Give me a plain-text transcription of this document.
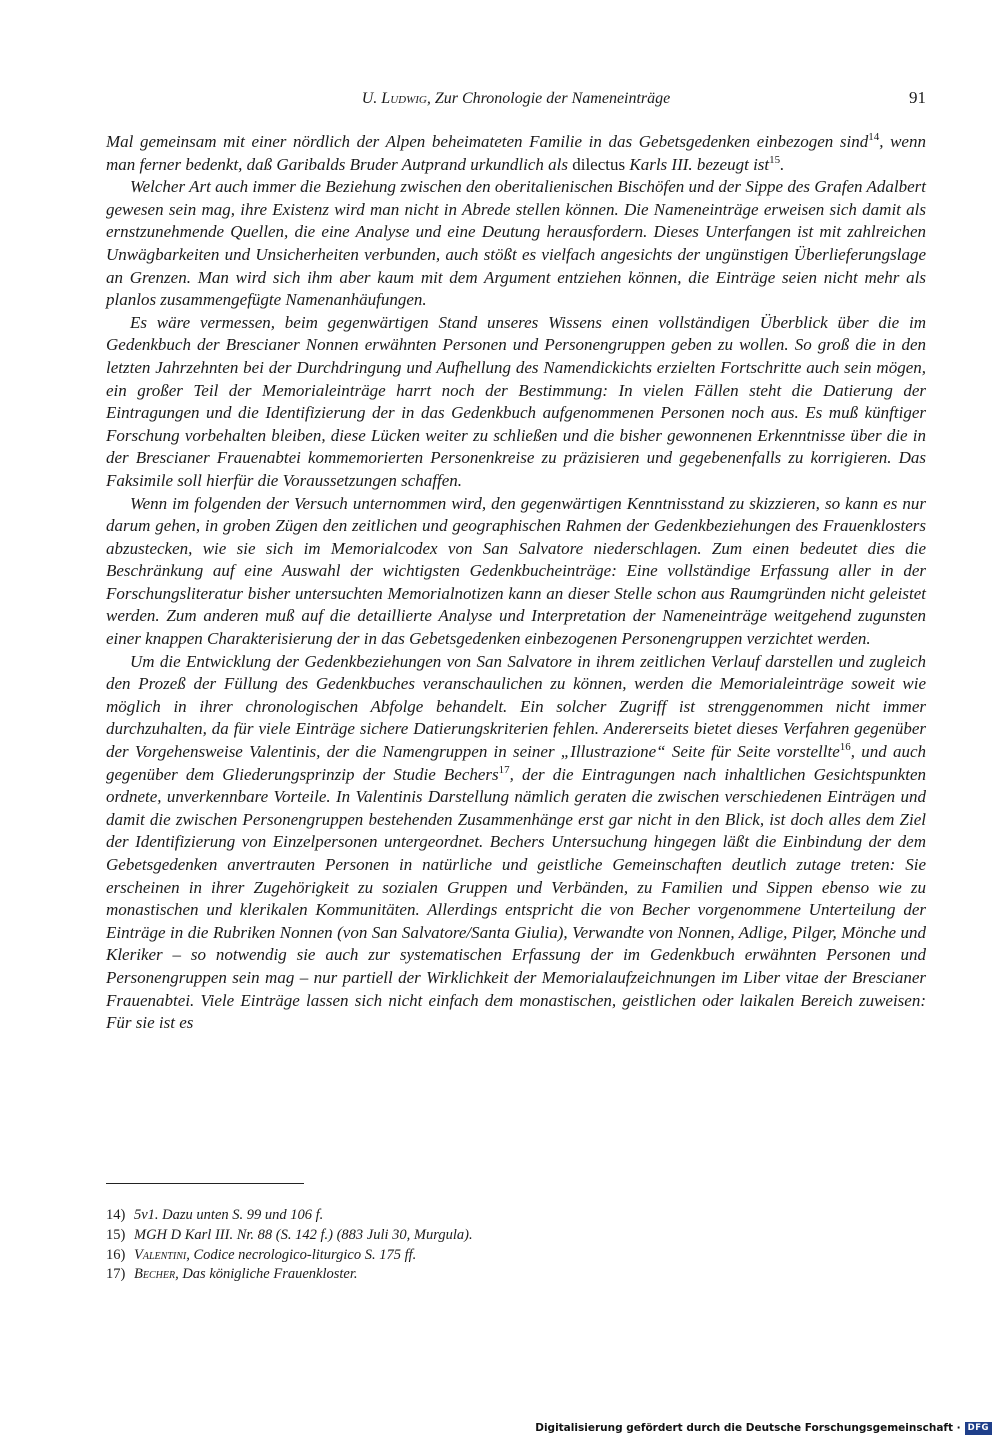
U. Ludwig, Zur Chronologie der Nameneinträge	91

Mal gemeinsam mit einer nördlich der Alpen beheimateten Familie in das Gebetsgedenken einbezogen sind$^{14}$, wenn man ferner bedenkt, daß Garibalds Bruder Autprand urkundlich als dilectus Karls III. bezeugt ist$^{15}$.

Welcher Art auch immer die Beziehung zwischen den oberitalienischen Bischöfen und der Sippe des Grafen Adalbert gewesen sein mag, ihre Existenz wird man nicht in Abrede stellen können. Die Nameneinträge erweisen sich damit als ernstzunehmende Quellen, die eine Analyse und eine Deutung herausfordern. Dieses Unterfangen ist mit zahlreichen Unwägbarkeiten und Unsicherheiten verbunden, auch stößt es vielfach angesichts der ungünstigen Überlieferungslage an Grenzen. Man wird sich ihm aber kaum mit dem Argument entziehen können, die Einträge seien nicht mehr als planlos zusammengefügte Namenanhäufungen.

Es wäre vermessen, beim gegenwärtigen Stand unseres Wissens einen vollständigen Überblick über die im Gedenkbuch der Brescianer Nonnen erwähnten Personen und Personengruppen geben zu wollen. So groß die in den letzten Jahrzehnten bei der Durchdringung und Aufhellung des Namendickichts erzielten Fortschritte auch sein mögen, ein großer Teil der Memorialeinträge harrt noch der Bestimmung: In vielen Fällen steht die Datierung der Eintragungen und die Identifizierung der in das Gedenkbuch aufgenommenen Personen noch aus. Es muß künftiger Forschung vorbehalten bleiben, diese Lücken weiter zu schließen und die bisher gewonnenen Erkenntnisse über die in der Brescianer Frauenabtei kommemorierten Personenkreise zu präzisieren und gegebenenfalls zu korrigieren. Das Faksimile soll hierfür die Voraussetzungen schaffen.

Wenn im folgenden der Versuch unternommen wird, den gegenwärtigen Kenntnisstand zu skizzieren, so kann es nur darum gehen, in groben Zügen den zeitlichen und geographischen Rahmen der Gedenkbeziehungen des Frauenklosters abzustecken, wie sie sich im Memorialcodex von San Salvatore niederschlagen. Zum einen bedeutet dies die Beschränkung auf eine Auswahl der wichtigsten Gedenkbucheinträge: Eine vollständige Erfassung aller in der Forschungsliteratur bisher untersuchten Memorialnotizen kann an dieser Stelle schon aus Raumgründen nicht geleistet werden. Zum anderen muß auf die detaillierte Analyse und Interpretation der Nameneinträge weitgehend zugunsten einer knappen Charakterisierung der in das Gebetsgedenken einbezogenen Personengruppen verzichtet werden.

Um die Entwicklung der Gedenkbeziehungen von San Salvatore in ihrem zeitlichen Verlauf darstellen und zugleich den Prozeß der Füllung des Gedenkbuches veranschaulichen zu können, werden die Memorialeinträge soweit wie möglich in ihrer chronologischen Abfolge behandelt. Ein solcher Zugriff ist strenggenommen nicht immer durchzuhalten, da für viele Einträge sichere Datierungskriterien fehlen. Andererseits bietet dieses Verfahren gegenüber der Vorgehensweise Valentinis, der die Namengruppen in seiner „Illustrazione“ Seite für Seite vorstellte$^{16}$, und auch gegenüber dem Gliederungsprinzip der Studie Bechers$^{17}$, der die Eintragungen nach inhaltlichen Gesichtspunkten ordnete, unverkennbare Vorteile. In Valentinis Darstellung nämlich geraten die zwischen verschiedenen Einträgen und damit die zwischen Personengruppen bestehenden Zusammenhänge erst gar nicht in den Blick, ist doch alles dem Ziel der Identifizierung von Einzelpersonen untergeordnet. Bechers Untersuchung hingegen läßt die Einbindung der dem Gebetsgedenken anvertrauten Personen in natürliche und geistliche Gemeinschaften deutlich zutage treten: Sie erscheinen in ihrer Zugehörigkeit zu sozialen Gruppen und Verbänden, zu Familien und Sippen ebenso wie zu monastischen und klerikalen Kommunitäten. Allerdings entspricht die von Becher vorgenommene Unterteilung der Einträge in die Rubriken Nonnen (von San Salvatore/Santa Giulia), Verwandte von Nonnen, Adlige, Pilger, Mönche und Kleriker – so notwendig sie auch zur systematischen Erfassung der im Gedenkbuch erwähnten Personen und Personengruppen sein mag – nur partiell der Wirklichkeit der Memorialaufzeichnungen im Liber vitae der Brescianer Frauenabtei. Viele Einträge lassen sich nicht einfach dem monastischen, geistlichen oder laikalen Bereich zuweisen: Für sie ist es

14) 5v1. Dazu unten S. 99 und 106 f.
15) MGH D Karl III. Nr. 88 (S. 142 f.) (883 Juli 30, Murgula).
16) Valentini, Codice necrologico-liturgico S. 175 ff.
17) Becher, Das königliche Frauenkloster.
Digitalisierung gefördert durch die Deutsche Forschungsgemeinschaft · DFG
